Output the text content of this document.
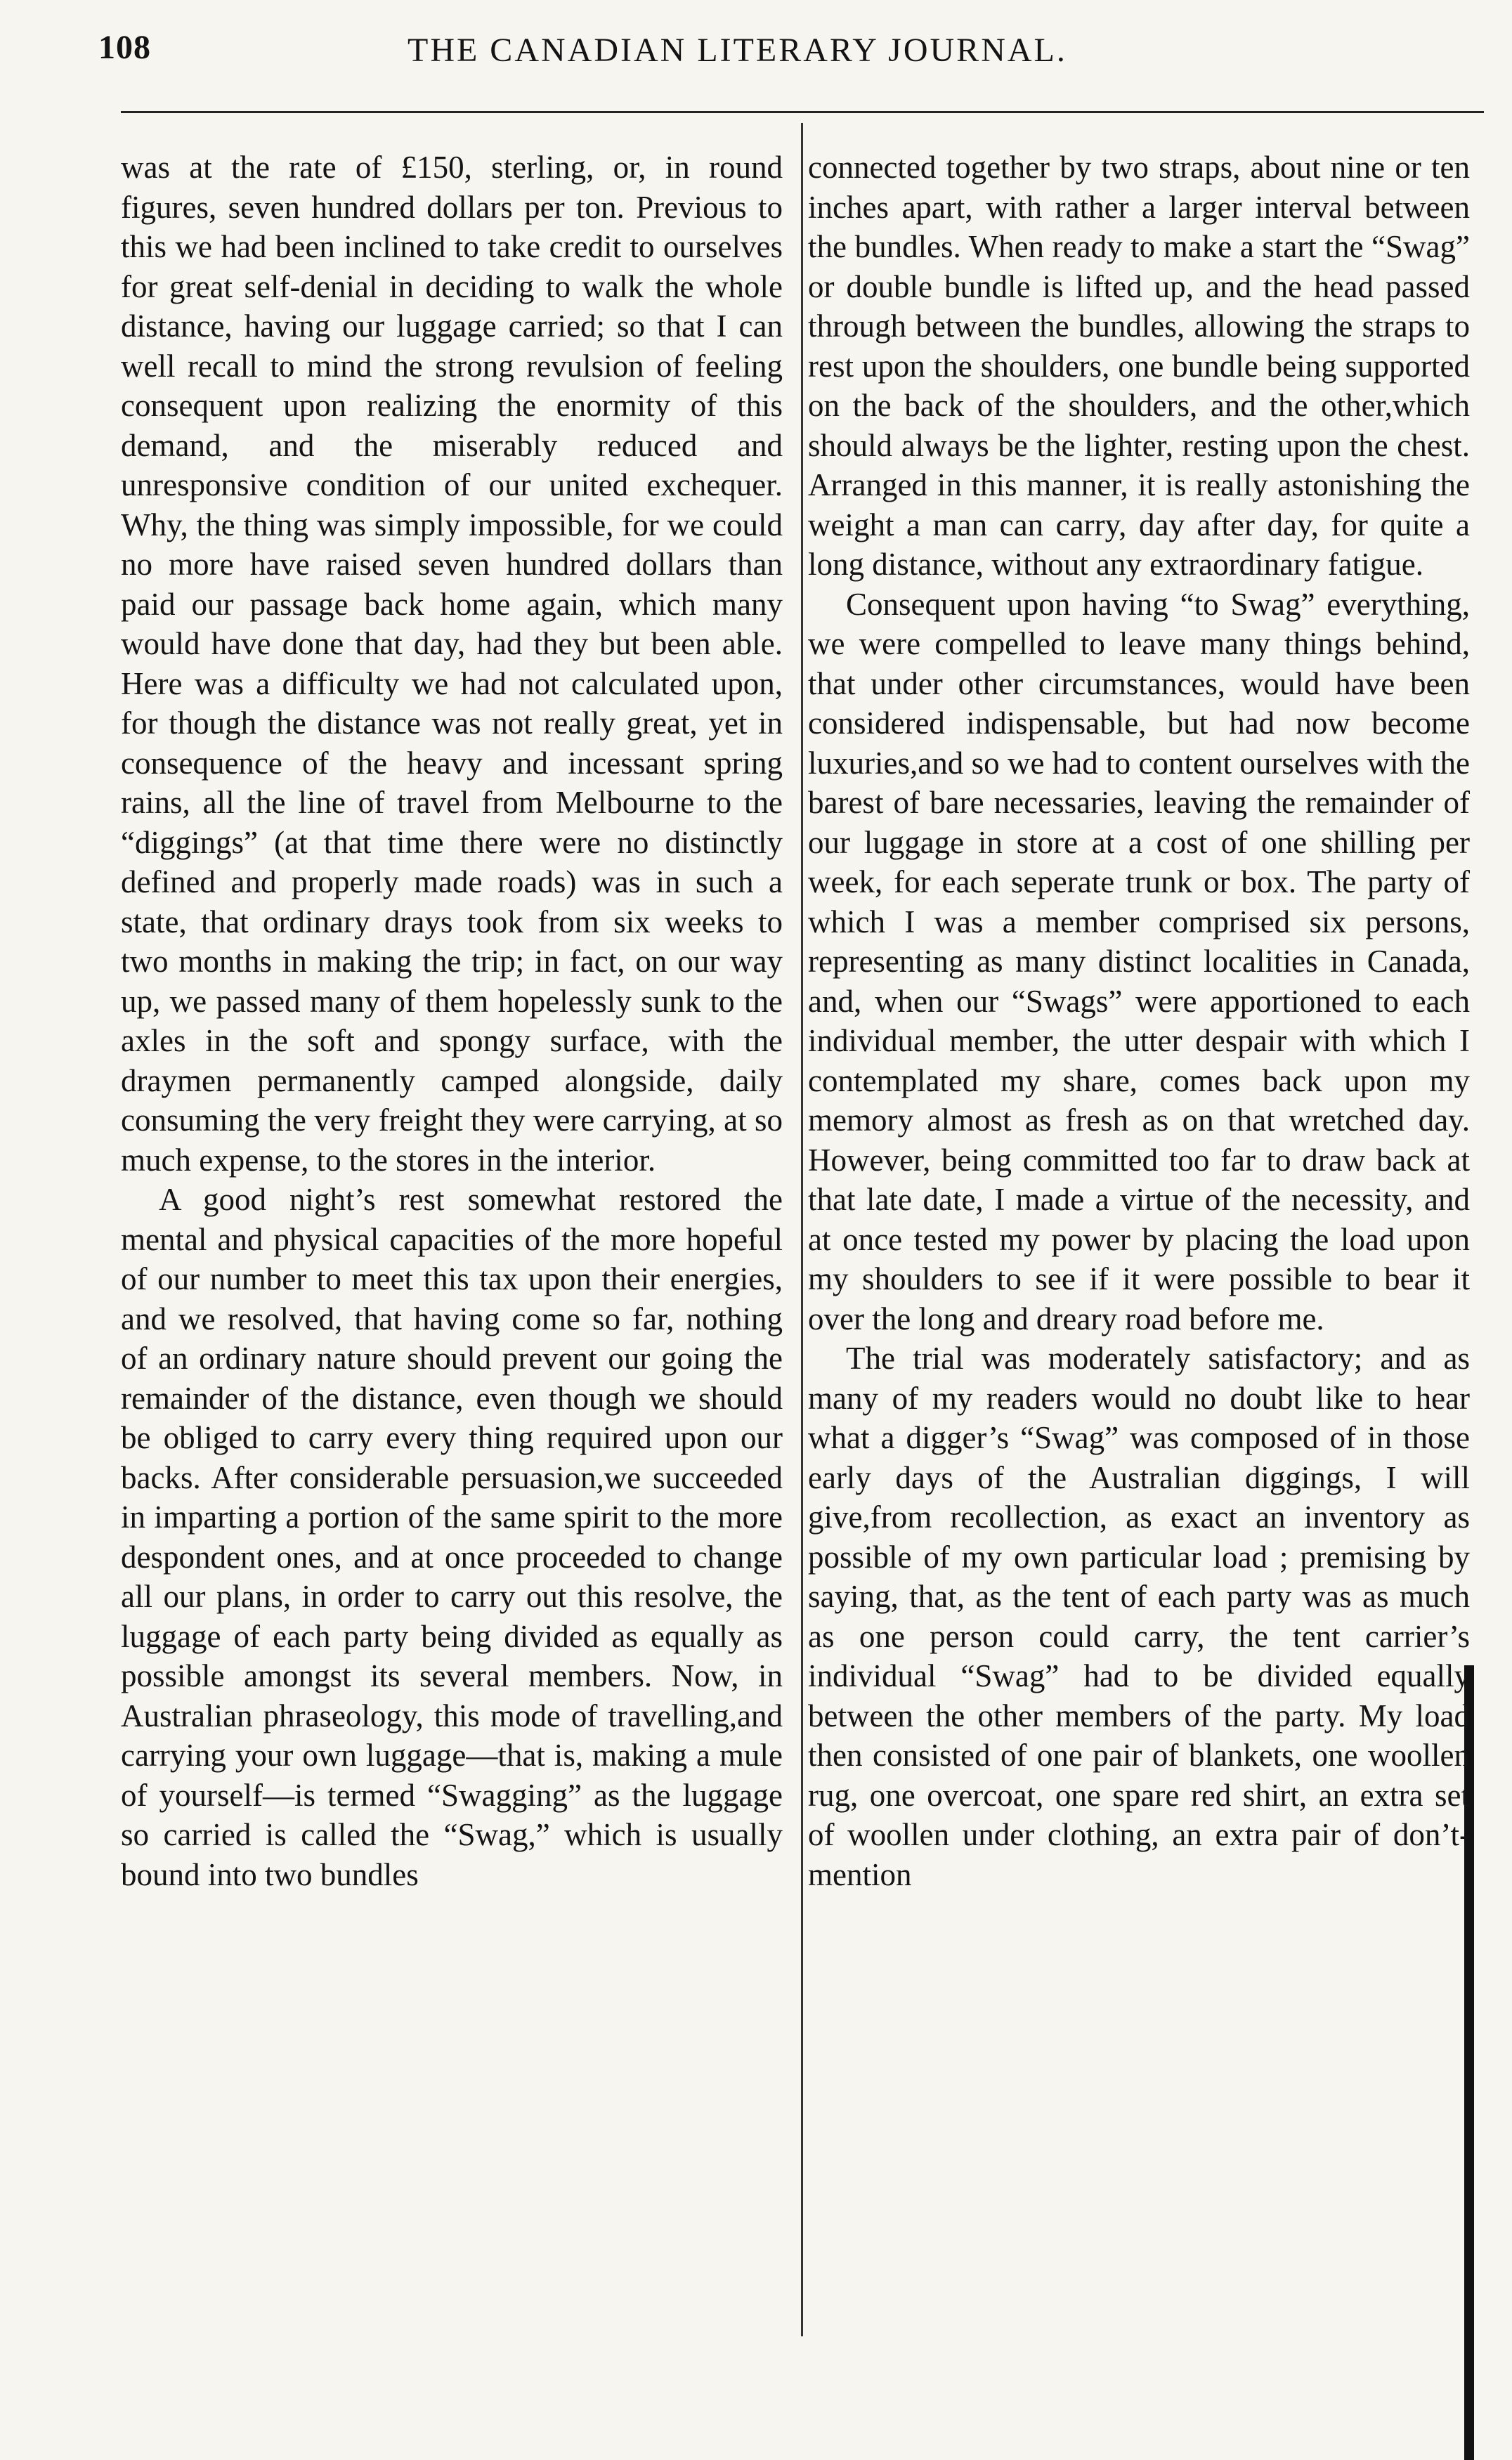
108	THE CANADIAN LITERARY JOURNAL.

was at the rate of £150, sterling, or, in round figures, seven hundred dollars per ton. Previous to this we had been inclined to take credit to ourselves for great self-denial in deciding to walk the whole distance, having our luggage carried; so that I can well recall to mind the strong revulsion of feeling consequent upon realizing the enormity of this demand, and the miserably reduced and unresponsive condition of our united exchequer. Why, the thing was simply impossible, for we could no more have raised seven hundred dollars than paid our passage back home again, which many would have done that day, had they but been able. Here was a difficulty we had not calculated upon, for though the distance was not really great, yet in consequence of the heavy and incessant spring rains, all the line of travel from Melbourne to the “diggings” (at that time there were no distinctly defined and properly made roads) was in such a state, that ordinary drays took from six weeks to two months in making the trip; in fact, on our way up, we passed many of them hopelessly sunk to the axles in the soft and spongy surface, with the draymen permanently camped alongside, daily consuming the very freight they were carrying, at so much expense, to the stores in the interior.

A good night’s rest somewhat restored the mental and physical capacities of the more hopeful of our number to meet this tax upon their energies, and we resolved, that having come so far, nothing of an ordinary nature should prevent our going the remainder of the distance, even though we should be obliged to carry every thing required upon our backs. After considerable persuasion,we succeeded in imparting a portion of the same spirit to the more despondent ones, and at once proceeded to change all our plans, in order to carry out this resolve, the luggage of each party being divided as equally as possible amongst its several members. Now, in Australian phraseology, this mode of travelling,and carrying your own luggage—that is, making a mule of yourself—is termed “Swagging” as the luggage so carried is called the “Swag,” which is usually bound into two bundles

connected together by two straps, about nine or ten inches apart, with rather a larger interval between the bundles. When ready to make a start the “Swag” or double bundle is lifted up, and the head passed through between the bundles, allowing the straps to rest upon the shoulders, one bundle being supported on the back of the shoulders, and the other,which should always be the lighter, resting upon the chest. Arranged in this manner, it is really astonishing the weight a man can carry, day after day, for quite a long distance, without any extraordinary fatigue.

Consequent upon having “to Swag” everything, we were compelled to leave many things behind, that under other circumstances, would have been considered indispensable, but had now become luxuries,and so we had to content ourselves with the barest of bare necessaries, leaving the remainder of our luggage in store at a cost of one shilling per week, for each seperate trunk or box. The party of which I was a member comprised six persons, representing as many distinct localities in Canada, and, when our “Swags” were apportioned to each individual member, the utter despair with which I contemplated my share, comes back upon my memory almost as fresh as on that wretched day. However, being committed too far to draw back at that late date, I made a virtue of the necessity, and at once tested my power by placing the load upon my shoulders to see if it were possible to bear it over the long and dreary road before me.

The trial was moderately satisfactory; and as many of my readers would no doubt like to hear what a digger’s “Swag” was composed of in those early days of the Australian diggings, I will give,from recollection, as exact an inventory as possible of my own particular load ; premising by saying, that, as the tent of each party was as much as one person could carry, the tent carrier’s individual “Swag” had to be divided equally between the other members of the party. My load then consisted of one pair of blankets, one woollen rug, one overcoat, one spare red shirt, an extra set of woollen under clothing, an extra pair of don’t-mention
